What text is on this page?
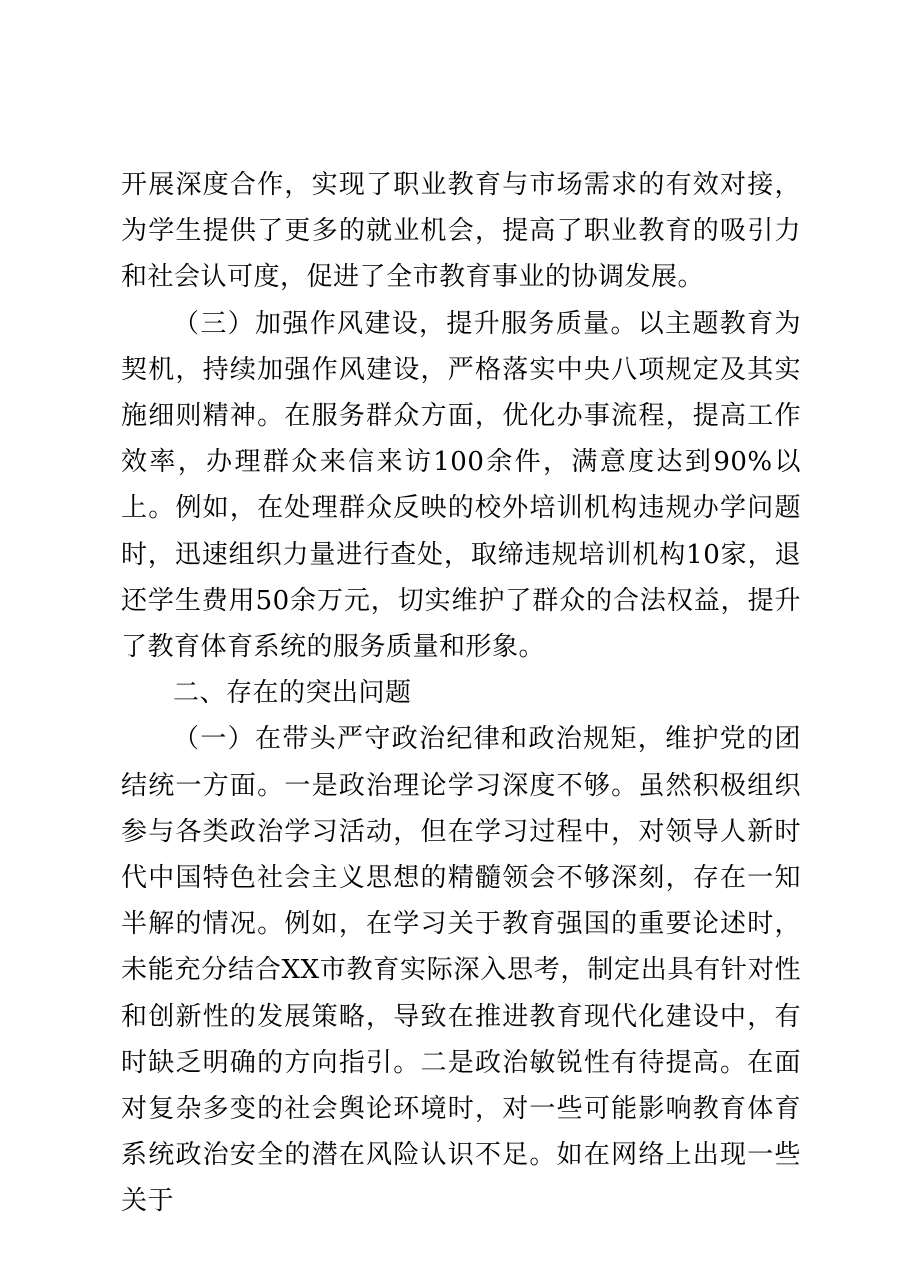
开展深度合作，实现了职业教育与市场需求的有效对接，为学生提供了更多的就业机会，提高了职业教育的吸引力和社会认可度，促进了全市教育事业的协调发展。

（三）加强作风建设，提升服务质量。以主题教育为契机，持续加强作风建设，严格落实中央八项规定及其实施细则精神。在服务群众方面，优化办事流程，提高工作效率，办理群众来信来访100余件，满意度达到90%以上。例如，在处理群众反映的校外培训机构违规办学问题时，迅速组织力量进行查处，取缔违规培训机构10家，退还学生费用50余万元，切实维护了群众的合法权益，提升了教育体育系统的服务质量和形象。

二、存在的突出问题

（一）在带头严守政治纪律和政治规矩，维护党的团结统一方面。一是政治理论学习深度不够。虽然积极组织参与各类政治学习活动，但在学习过程中，对领导人新时代中国特色社会主义思想的精髓领会不够深刻，存在一知半解的情况。例如，在学习关于教育强国的重要论述时，未能充分结合XX市教育实际深入思考，制定出具有针对性和创新性的发展策略，导致在推进教育现代化建设中，有时缺乏明确的方向指引。二是政治敏锐性有待提高。在面对复杂多变的社会舆论环境时，对一些可能影响教育体育系统政治安全的潜在风险认识不足。如在网络上出现一些关于
